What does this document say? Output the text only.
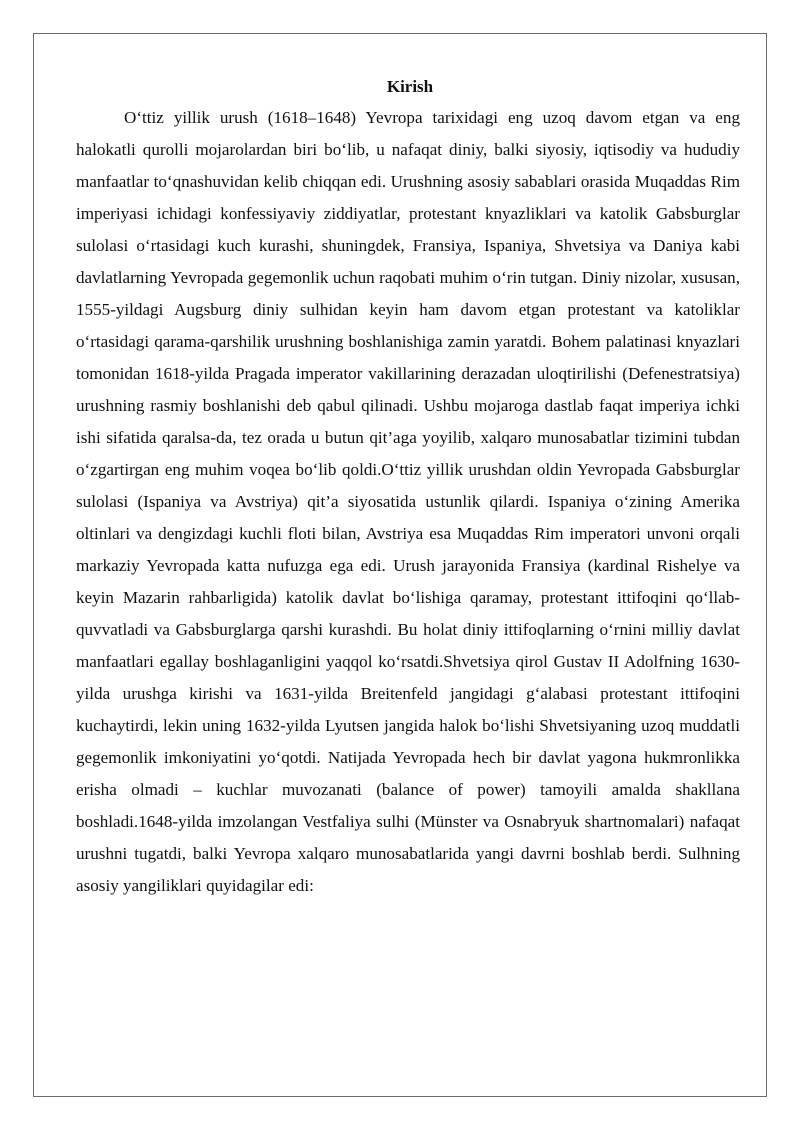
Kirish

O‘ttiz yillik urush (1618–1648) Yevropa tarixidagi eng uzoq davom etgan va eng halokatli qurolli mojarolardan biri bo‘lib, u nafaqat diniy, balki siyosiy, iqtisodiy va hududiy manfaatlar to‘qnashuvidan kelib chiqqan edi. Urushning asosiy sabablari orasida Muqaddas Rim imperiyasi ichidagi konfessiyaviy ziddiyatlar, protestant knyazliklari va katolik Gabsburglar sulolasi o‘rtasidagi kuch kurashi, shuningdek, Fransiya, Ispaniya, Shvetsiya va Daniya kabi davlatlarning Yevropada gegemonlik uchun raqobati muhim o‘rin tutgan. Diniy nizolar, xususan, 1555-yildagi Augsburg diniy sulhidan keyin ham davom etgan protestant va katoliklar o‘rtasidagi qarama-qarshilik urushning boshlanishiga zamin yaratdi. Bohem palatinasi knyazlari tomonidan 1618-yilda Pragada imperator vakillarining derazadan uloqtirilishi (Defenestratsiya) urushning rasmiy boshlanishi deb qabul qilinadi. Ushbu mojaroga dastlab faqat imperiya ichki ishi sifatida qaralsa-da, tez orada u butun qit’aga yoyilib, xalqaro munosabatlar tizimini tubdan o‘zgartirgan eng muhim voqea bo‘lib qoldi.O‘ttiz yillik urushdan oldin Yevropada Gabsburglar sulolasi (Ispaniya va Avstriya) qit’a siyosatida ustunlik qilardi. Ispaniya o‘zining Amerika oltinlari va dengizdagi kuchli floti bilan, Avstriya esa Muqaddas Rim imperatori unvoni orqali markaziy Yevropada katta nufuzga ega edi. Urush jarayonida Fransiya (kardinal Rishelye va keyin Mazarin rahbarligida) katolik davlat bo‘lishiga qaramay, protestant ittifoqini qo‘llab-quvvatladi va Gabsburglarga qarshi kurashdi. Bu holat diniy ittifoqlarning o‘rnini milliy davlat manfaatlari egallay boshlaganligini yaqqol ko‘rsatdi.Shvetsiya qirol Gustav II Adolfning 1630-yilda urushga kirishi va 1631-yilda Breitenfeld jangidagi g‘alabasi protestant ittifoqini kuchaytirdi, lekin uning 1632-yilda Lyutsen jangida halok bo‘lishi Shvetsiyaning uzoq muddatli gegemonlik imkoniyatini yo‘qotdi. Natijada Yevropada hech bir davlat yagona hukmronlikka erisha olmadi – kuchlar muvozanati (balance of power) tamoyili amalda shakllana boshladi.1648-yilda imzolangan Vestfaliya sulhi (Münster va Osnabryuk shartnomalari) nafaqat urushni tugatdi, balki Yevropa xalqaro munosabatlarida yangi davrni boshlab berdi. Sulhning asosiy yangiliklari quyidagilar edi:
